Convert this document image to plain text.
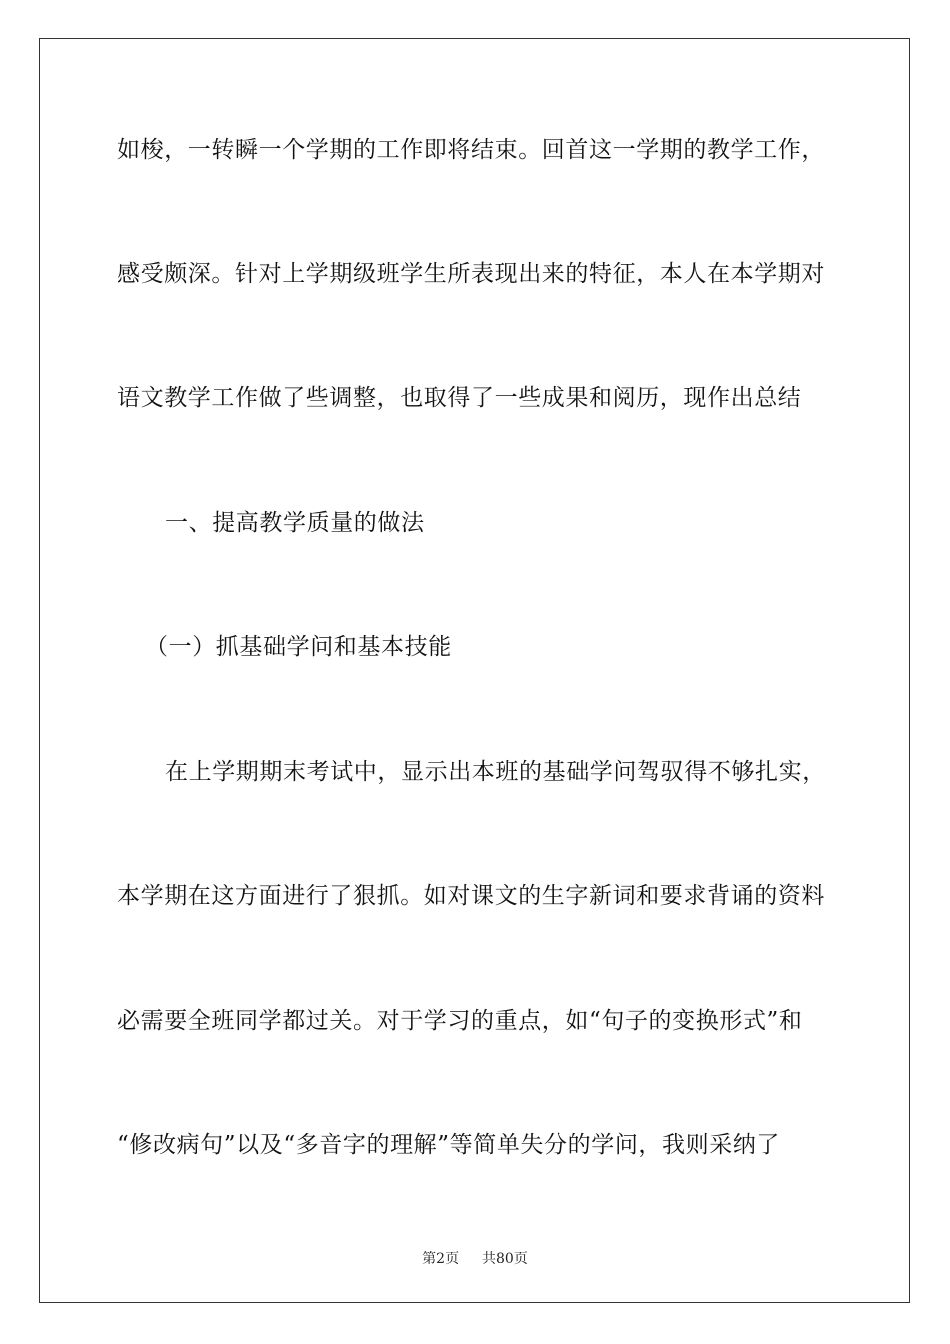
如梭，一转瞬一个学期的工作即将结束。回首这一学期的教学工作，
感受颇深。针对上学期级班学生所表现出来的特征，本人在本学期对
语文教学工作做了些调整，也取得了一些成果和阅历，现作出总结
一、提高教学质量的做法
（一）抓基础学问和基本技能
在上学期期末考试中，显示出本班的基础学问驾驭得不够扎实，
本学期在这方面进行了狠抓。如对课文的生字新词和要求背诵的资料
必需要全班同学都过关。对于学习的重点，如“句子的变换形式”和
“修改病句”以及“多音字的理解”等简单失分的学问，我则采纳了
第2页 共80页
